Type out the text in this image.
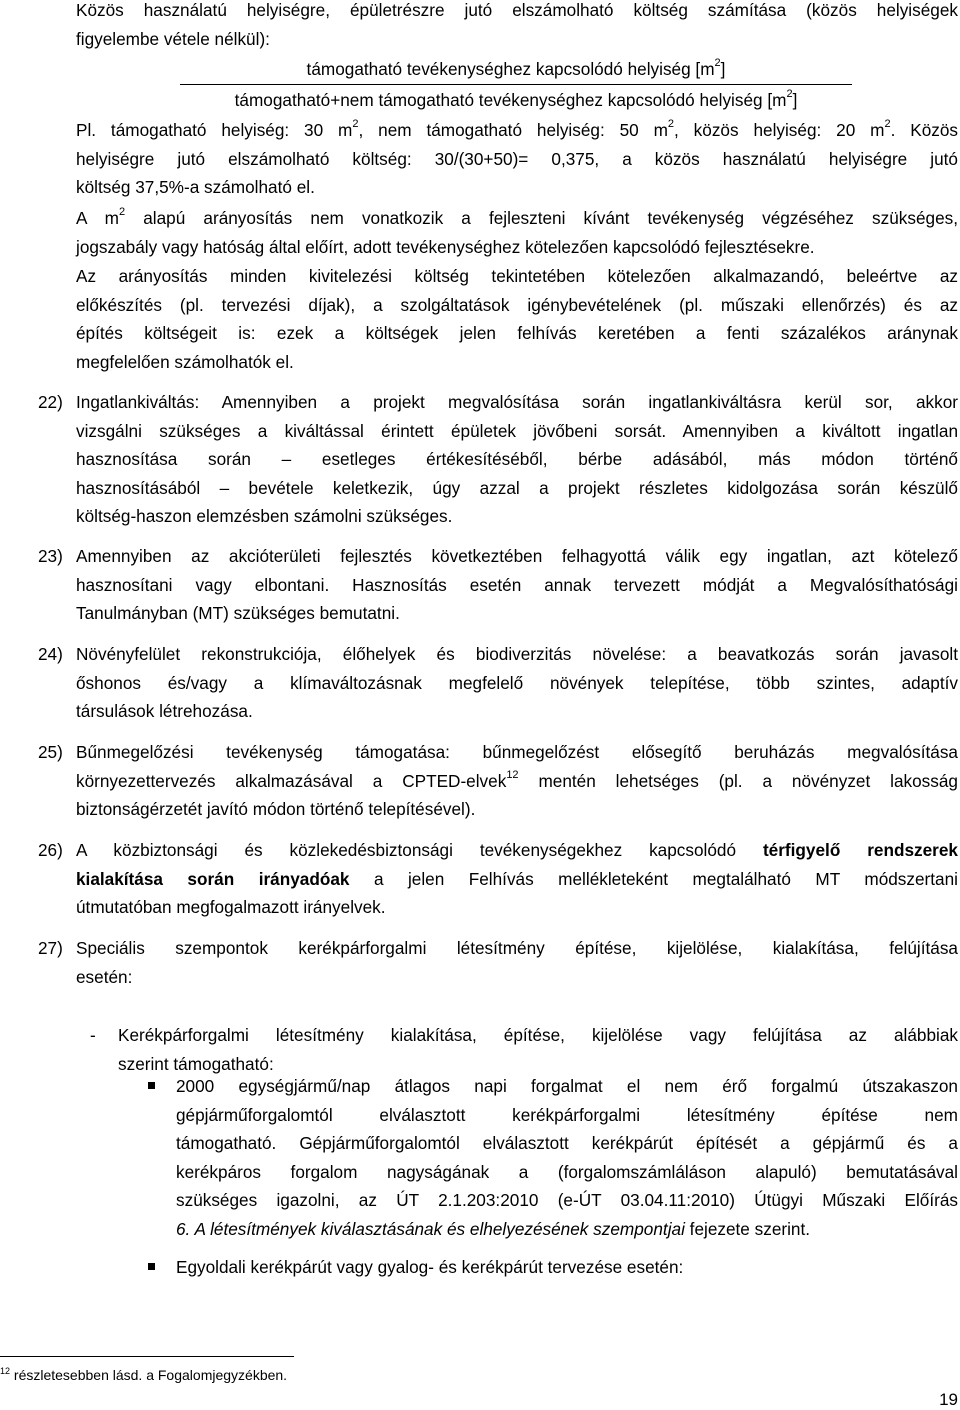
Közös használatú helyiségre, épületrészre jutó elszámolható költség számítása (közös helyiségek
figyelembe vétele nélkül):
támogatható tevékenységhez kapcsolódó helyiség $[m^2]$
támogatható+nem támogatható tevékenységhez kapcsolódó helyiség $[m^2]$
Pl. támogatható helyiség: 30 $m^2$, nem támogatható helyiség: 50 $m^2$, közös helyiség: 20 $m^2$. Közös
helyiségre jutó elszámolható költség: 30/(30+50)= 0,375, a közös használatú helyiségre jutó
költség 37,5%-a számolható el.
A $m^2$ alapú arányosítás nem vonatkozik a fejleszteni kívánt tevékenység végzéséhez szükséges,
jogszabály vagy hatóság által előírt, adott tevékenységhez kötelezően kapcsolódó fejlesztésekre.
Az arányosítás minden kivitelezési költség tekintetében kötelezően alkalmazandó, beleértve az
előkészítés (pl. tervezési díjak), a szolgáltatások igénybevételének (pl. műszaki ellenőrzés) és az
építés költségeit is: ezek a költségek jelen felhívás keretében a fenti százalékos aránynak
megfelelően számolhatók el.
22) Ingatlankiváltás: Amennyiben a projekt megvalósítása során ingatlankiváltásra kerül sor, akkor
vizsgálni szükséges a kiváltással érintett épületek jövőbeni sorsát. Amennyiben a kiváltott ingatlan
hasznosítása során – esetleges értékesítéséből, bérbe adásából, más módon történő
hasznosításából – bevétele keletkezik, úgy azzal a projekt részletes kidolgozása során készülő
költség-haszon elemzésben számolni szükséges.
23) Amennyiben az akcióterületi fejlesztés következtében felhagyottá válik egy ingatlan, azt kötelező
hasznosítani vagy elbontani. Hasznosítás esetén annak tervezett módját a Megvalósíthatósági
Tanulmányban (MT) szükséges bemutatni.
24) Növényfelület rekonstrukciója, élőhelyek és biodiverzitás növelése: a beavatkozás során javasolt
őshonos és/vagy a klímaváltozásnak megfelelő növények telepítése, több szintes, adaptív
társulások létrehozása.
25) Bűnmegelőzési tevékenység támogatása: bűnmegelőzést elősegítő beruházás megvalósítása
környezettervezés alkalmazásával a CPTED-elvek$^{12}$ mentén lehetséges (pl. a növényzet lakosság
biztonságérzetét javító módon történő telepítésével).
26) A közbiztonsági és közlekedésbiztonsági tevékenységekhez kapcsolódó térfigyelő rendszerek
kialakítása során irányadóak a jelen Felhívás mellékleteként megtalálható MT módszertani
útmutatóban megfogalmazott irányelvek.
27) Speciális szempontok kerékpárforgalmi létesítmény építése, kijelölése, kialakítása, felújítása
esetén:
- Kerékpárforgalmi létesítmény kialakítása, építése, kijelölése vagy felújítása az alábbiak
szerint támogatható:
2000 egységjármű/nap átlagos napi forgalmat el nem érő forgalmú útszakaszon
gépjárműforgalomtól elválasztott kerékpárforgalmi létesítmény építése nem
támogatható. Gépjárműforgalomtól elválasztott kerékpárút építését a gépjármű és a
kerékpáros forgalom nagyságának a (forgalomszámláláson alapuló) bemutatásával
szükséges igazolni, az ÚT 2.1.203:2010 (e-ÚT 03.04.11:2010) Útügyi Műszaki Előírás
6. A létesítmények kiválasztásának és elhelyezésének szempontjai fejezete szerint.
Egyoldali kerékpárút vagy gyalog- és kerékpárút tervezése esetén:
$^{12}$ részletesebben lásd. a Fogalomjegyzékben.
19
